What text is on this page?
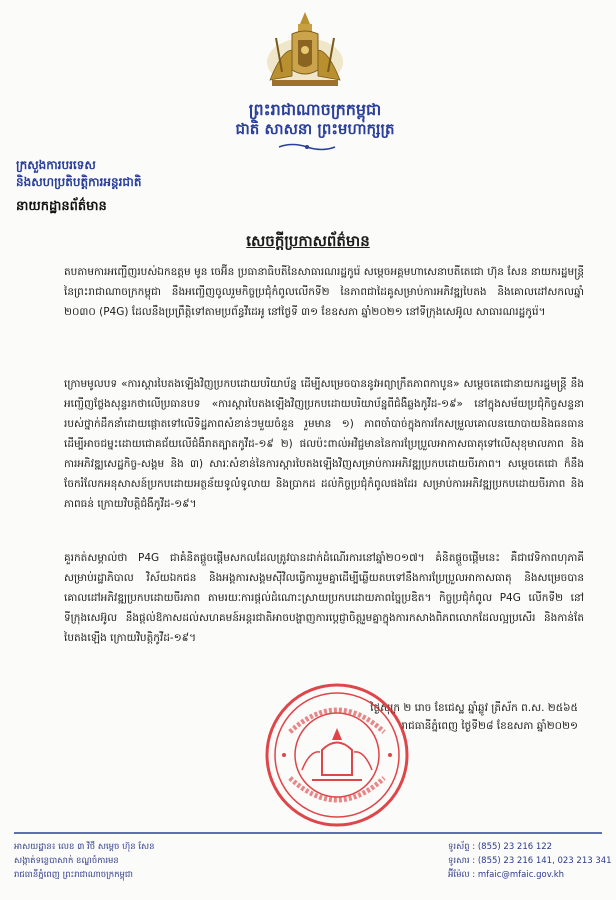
ព្រះរាជាណាចក្រកម្ពុជា
ជាតិ សាសនា ព្រះមហាក្សត្រ
ក្រសួងការបរទេស
និងសហប្រតិបត្តិការអន្តរជាតិ
នាយកដ្ឋានព័ត៌មាន
សេចក្តីប្រកាសព័ត៌មាន

តបតាមការអញ្ជើញរបស់ឯកឧត្តម មូន ចេអ៊ីន ប្រធានាធិបតីនៃសាធារណរដ្ឋកូរ៉េ សម្តេចអគ្គមហាសេនាបតីតេជោ ហ៊ុន សែន នាយករដ្ឋមន្ត្រីនៃព្រះរាជាណាចក្រកម្ពុជា នឹងអញ្ជើញចូលរួមកិច្ចប្រជុំកំពូលលើកទី២ នៃភាពជាដៃគូសម្រាប់ការអភិវឌ្ឍបៃតង និងគោលដៅសកលឆ្នាំ ២០៣០ (P4G) ដែលនឹងប្រព្រឹត្តិទៅតាមប្រព័ន្ធវីដេអូ នៅថ្ងៃទី ៣១ ខែឧសភា ឆ្នាំ២០២១ នៅទីក្រុងសេអ៊ូល សាធារណរដ្ឋកូរ៉េ។

ក្រោមមូលបទ «ការស្តារបៃតងឡើងវិញប្រកបដោយបរិយាប័ន្ន ដើម្បីសម្រេចបាននូវអព្យាក្រឹតភាពកាបូន» សម្តេចតេជោនាយករដ្ឋមន្ត្រី នឹងអញ្ជើញថ្លែងសុន្ទរកថាលើប្រធានបទ «ការស្តារបៃតងឡើងវិញប្រកបដោយបរិយាប័ន្នពីជំងឺឆ្លងកូវីដ-១៩» នៅក្នុងសម័យប្រជុំកិច្ចសន្ទនារបស់ថ្នាក់ដឹកនាំដោយផ្តោតទៅលើទិដ្ឋភាពសំខាន់ៗមួយចំនួន រួមមាន ១) ភាពចាំបាច់ក្នុងការកែសម្រួលគោលនយោបាយនិងធនធាន ដើម្បីអាចជម្នះដោយជោគជ័យលើជំងឺរាតត្បាតកូវីដ-១៩ ២) ផលប៉ះពាល់អវិជ្ជមាននៃការប្រែប្រួលអាកាសធាតុទៅលើសុខុមាលភាព និងការអភិវឌ្ឍសេដ្ឋកិច្ច-សង្គម និង ៣) សារៈសំខាន់នៃការស្តារបៃតងឡើងវិញសម្រាប់ការអភិវឌ្ឍប្រកបដោយចីរភាព។ សម្តេចតេជោ ក៏នឹងចែករំលែកអនុសាសន៍ប្រកបដោយអត្ថន័យទូលំទូលាយ និងប្រាកដ ដល់កិច្ចប្រជុំកំពូលផងដែរ សម្រាប់ការអភិវឌ្ឍប្រកបដោយចីរភាព និងភាពធន់ ក្រោយវិបត្តិជំងឺកូវីដ-១៩។

គួរកត់សម្គាល់ថា P4G ជាគំនិតផ្តួចផ្តើមសកលដែលត្រូវបានដាក់ដំណើរការនៅឆ្នាំ២០១៧។ គំនិតផ្តួចផ្តើមនេះ គឺជាវេទិកាពហុភាគីសម្រាប់រដ្ឋាភិបាល វិស័យឯកជន និងអង្គការសង្គមស៊ីវិលធ្វើការរួមគ្នាដើម្បីឆ្លើយតបទៅនឹងការប្រែប្រួលអាកាសធាតុ និងសម្រេចបានគោលដៅអភិវឌ្ឍប្រកបដោយចីរភាព តាមរយៈការផ្តល់ដំណោះស្រាយប្រកបដោយភាពច្នៃប្រឌិត។ កិច្ចប្រជុំកំពូល P4G លើកទី២ នៅទីក្រុងសេអ៊ូល នឹងផ្តល់ឱកាសដល់សហគមន៍អន្តរជាតិអាចបង្ហាញការប្តេជ្ញាចិត្តរួមគ្នាក្នុងការកសាងពិភពលោកដែលល្អប្រសើរ និងកាន់តែបៃតងឡើង ក្រោយវិបត្តិកូវីដ-១៩។

ថ្ងៃសុក្រ ២ រោច ខែជេស្ឋ ឆ្នាំឆ្លូវ ត្រីស័ក ព.ស. ២៥៦៥
រាជធានីភ្នំពេញ ថ្ងៃទី២៨ ខែឧសភា ឆ្នាំ២០២១
អាសយដ្ឋាន៖ លេខ ៣ វិថី សម្តេច ហ៊ុន សែន
សង្កាត់ទន្លេបាសាក់ ខណ្ឌចំការមន
រាជធានីភ្នំពេញ ព្រះរាជាណាចក្រកម្ពុជា
ទូរស័ព្ទ : (855) 23 216 122
ទូរសារ : (855) 23 216 141, 023 213 341
អ៊ីម៉ែល : mfaic@mfaic.gov.kh
